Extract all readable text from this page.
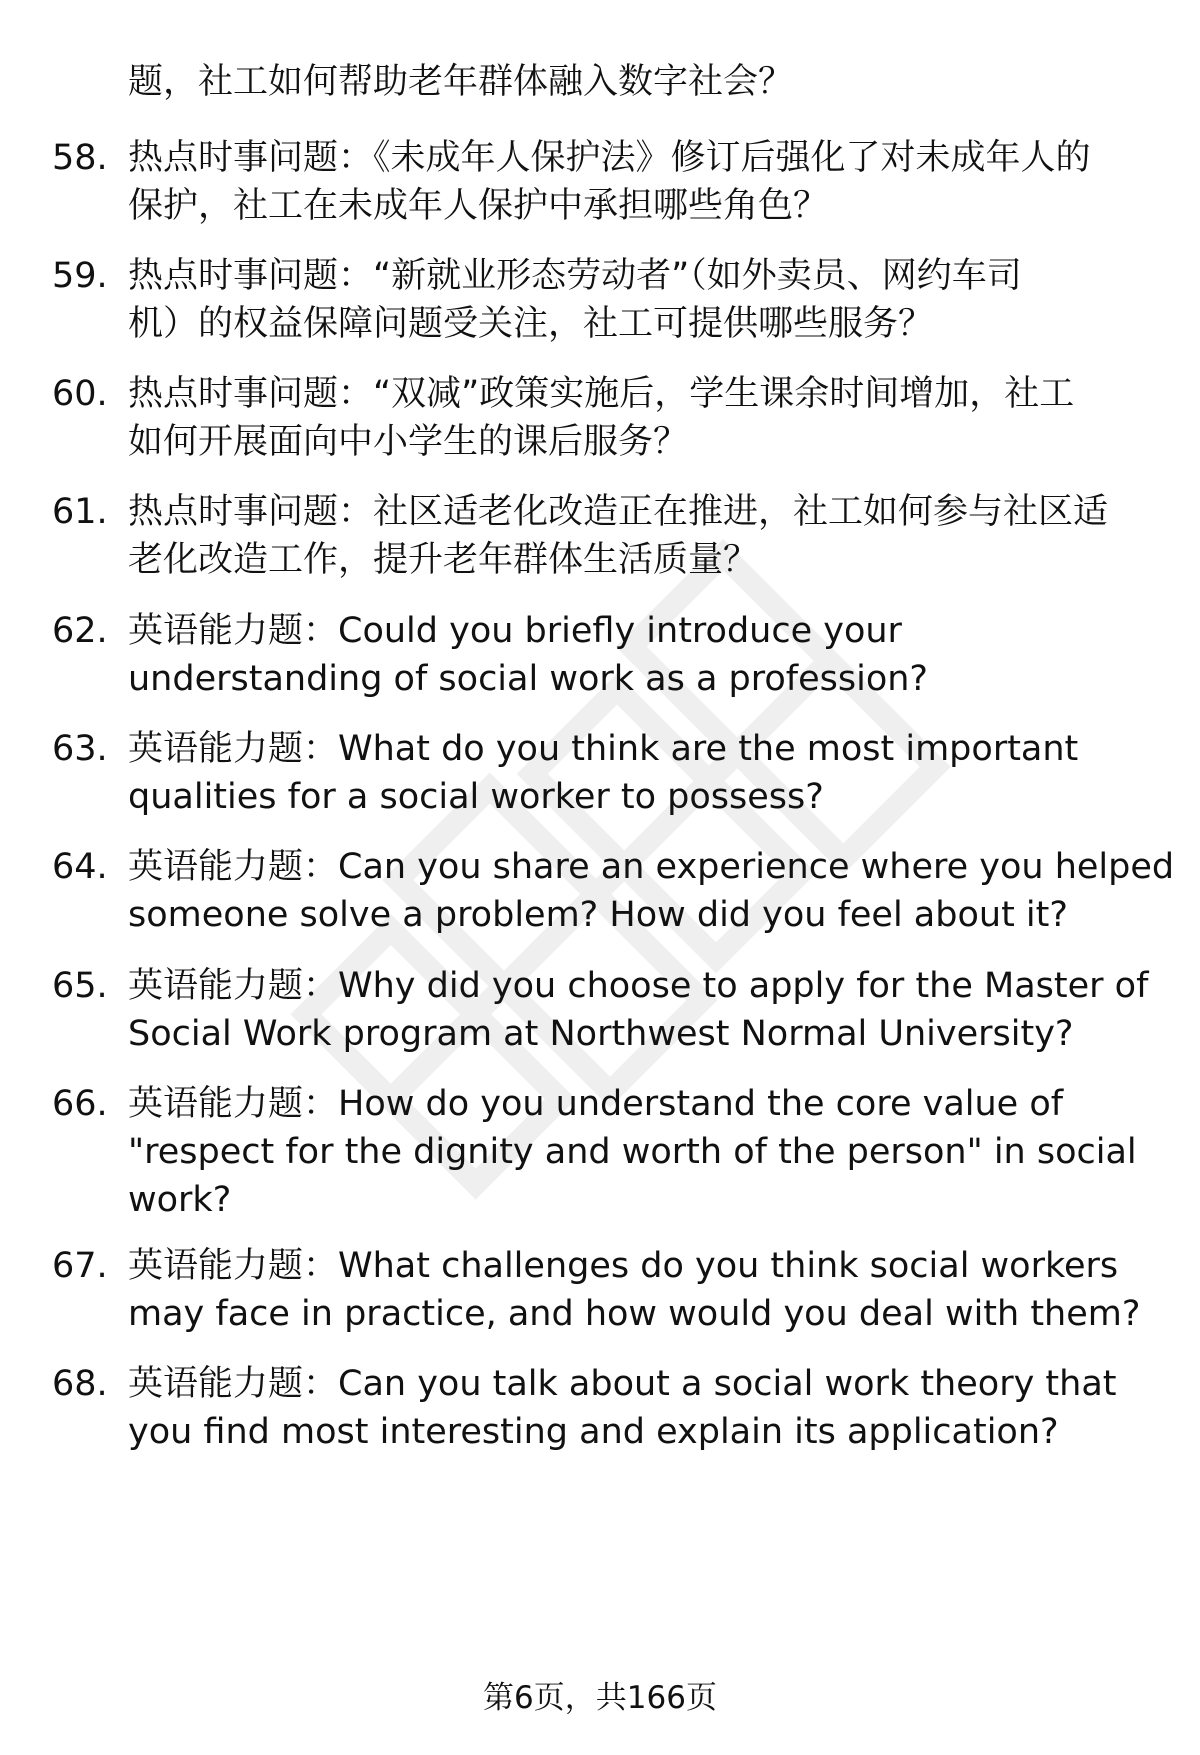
题，社工如何帮助老年群体融入数字社会？
58. 热点时事问题：《未成年人保护法》修订后强化了对未成年人的
保护，社工在未成年人保护中承担哪些角色？
59. 热点时事问题：“新就业形态劳动者”（如外卖员、网约车司
机）的权益保障问题受关注，社工可提供哪些服务？
60. 热点时事问题：“双减”政策实施后，学生课余时间增加，社工
如何开展面向中小学生的课后服务？
61. 热点时事问题：社区适老化改造正在推进，社工如何参与社区适
老化改造工作，提升老年群体生活质量？
62. 英语能力题：Could you briefly introduce your
understanding of social work as a profession?
63. 英语能力题：What do you think are the most important
qualities for a social worker to possess?
64. 英语能力题：Can you share an experience where you helped
someone solve a problem? How did you feel about it?
65. 英语能力题：Why did you choose to apply for the Master of
Social Work program at Northwest Normal University?
66. 英语能力题：How do you understand the core value of
"respect for the dignity and worth of the person" in social
work?
67. 英语能力题：What challenges do you think social workers
may face in practice, and how would you deal with them?
68. 英语能力题：Can you talk about a social work theory that
you find most interesting and explain its application?
第6页，共166页
